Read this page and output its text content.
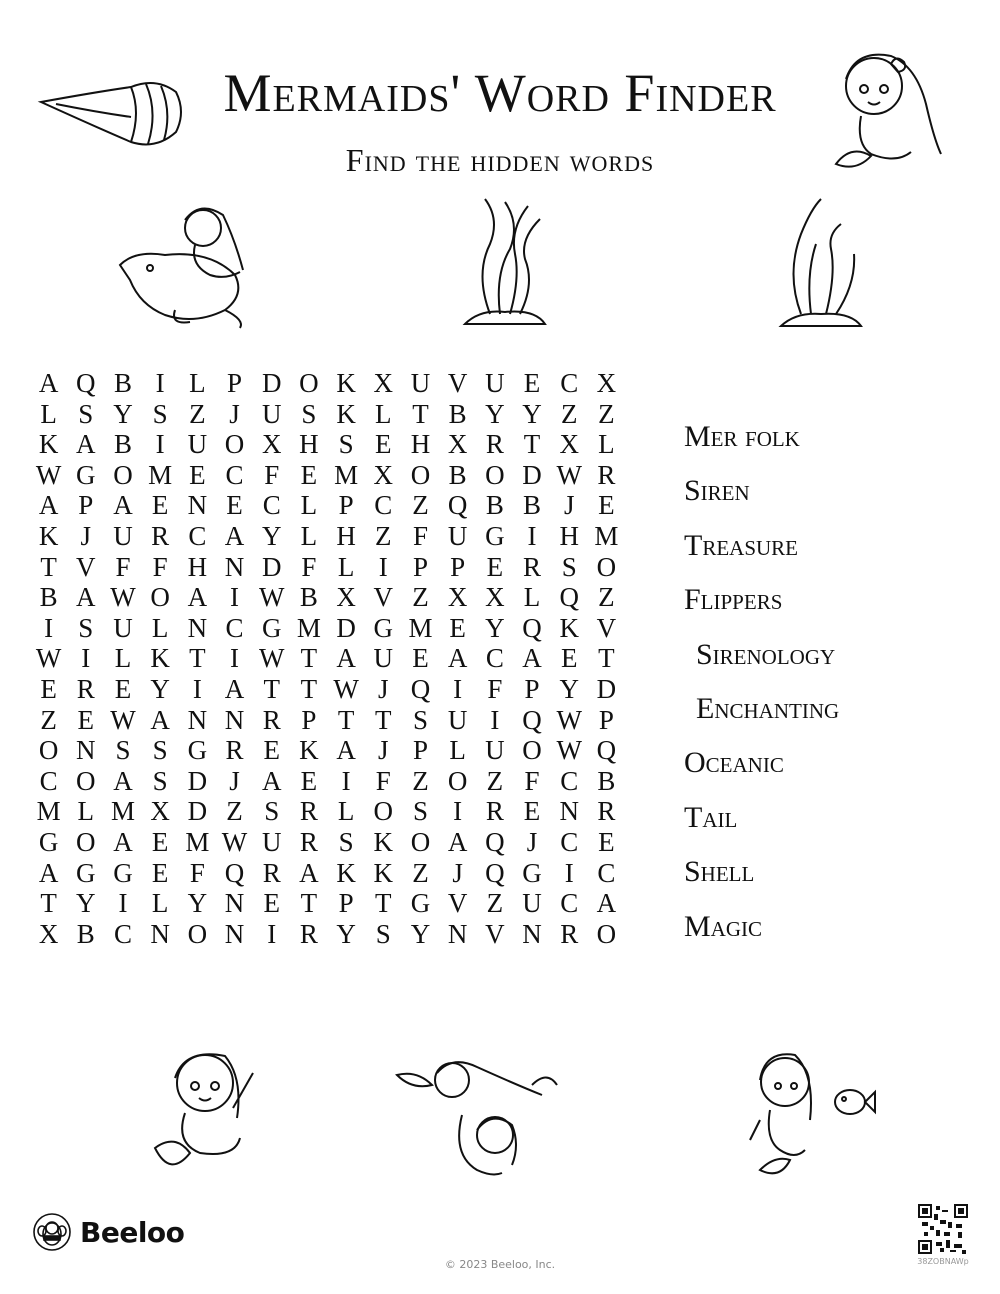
Mermaids' Word Finder
Find the hidden words
A Q B I L P D O K X U V U E C X
L S Y S Z J U S K L T B Y Y Z Z
K A B I U O X H S E H X R T X L
W G O M E C F E M X O B O D W R
A P A E N E C L P C Z Q B B J E
K J U R C A Y L H Z F U G I H M
T V F F H N D F L I P P E R S O
B A W O A I W B X V Z X X L Q Z
I S U L N C G M D G M E Y Q K V
W I L K T I W T A U E A C A E T
E R E Y I A T T W J Q I F P Y D
Z E W A N N R P T T S U I Q W P
O N S S G R E K A J P L U O W Q
C O A S D J A E I F Z O Z F C B
M L M X D Z S R L O S I R E N R
G O A E M W U R S K O A Q J C E
A G G E F Q R A K K Z J Q G I C
T Y I L Y N E T P T G V Z U C A
X B C N O N I R Y S Y N V N R O
Mer folk
Siren
Treasure
Flippers
Sirenology
Enchanting
Oceanic
Tail
Shell
Magic
Beeloo
© 2023 Beeloo, Inc.	38ZOBNAWp
